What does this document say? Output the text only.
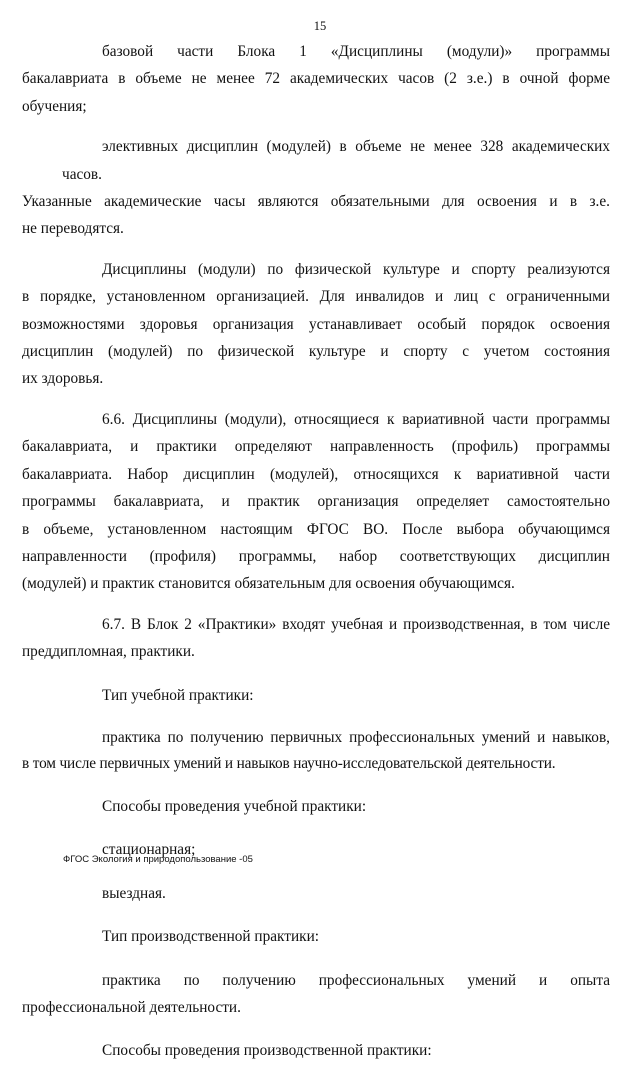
15
базовой части Блока 1 «Дисциплины (модули)» программы
бакалавриата в объеме не менее 72 академических часов (2 з.е.) в очной форме
обучения;
элективных дисциплин (модулей) в объеме не менее 328 академических часов.
Указанные академические часы являются обязательными для освоения и в з.е.
не переводятся.
Дисциплины (модули) по физической культуре и спорту реализуются
в порядке, установленном организацией. Для инвалидов и лиц с ограниченными
возможностями здоровья организация устанавливает особый порядок освоения
дисциплин (модулей) по физической культуре и спорту с учетом состояния
их здоровья.
6.6. Дисциплины (модули), относящиеся к вариативной части программы
бакалавриата, и практики определяют направленность (профиль) программы
бакалавриата. Набор дисциплин (модулей), относящихся к вариативной части
программы бакалавриата, и практик организация определяет самостоятельно
в объеме, установленном настоящим ФГОС ВО. После выбора обучающимся
направленности (профиля) программы, набор соответствующих дисциплин
(модулей) и практик становится обязательным для освоения обучающимся.
6.7. В Блок 2 «Практики» входят учебная и производственная, в том числе
преддипломная, практики.
Тип учебной практики:
практика по получению первичных профессиональных умений и навыков,
в том числе первичных умений и навыков научно-исследовательской деятельности.
Способы проведения учебной практики:
стационарная;
выездная.
Тип производственной практики:
практика по получению профессиональных умений и опыта
профессиональной деятельности.
Способы проведения производственной практики:
ФГОС Экология и природопользование -05
